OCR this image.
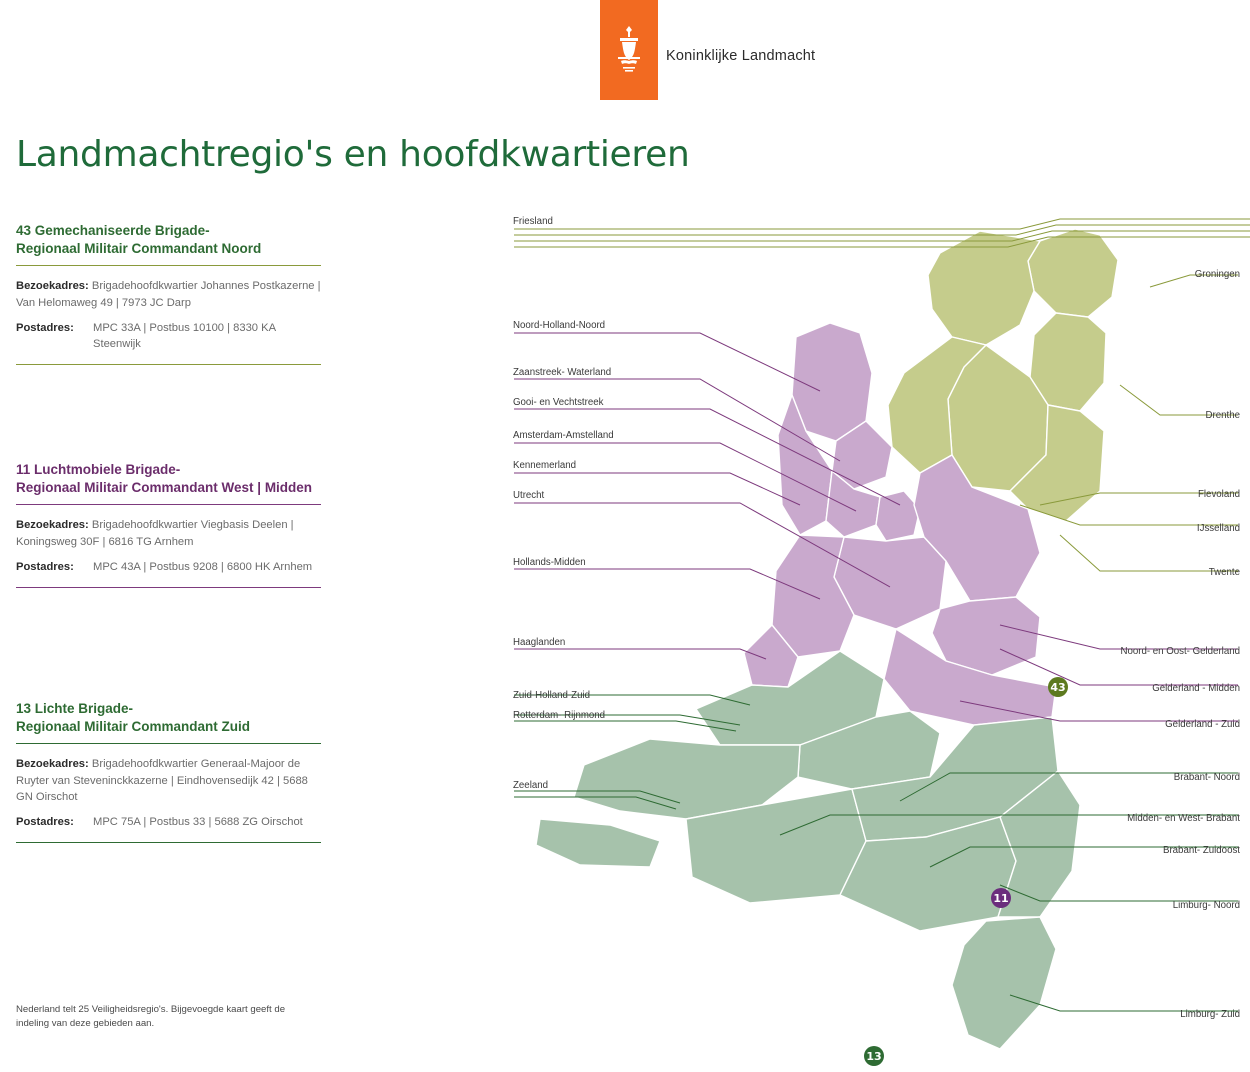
Koninklijke Landmacht
Landmachtregio's en hoofdkwartieren
43 Gemechaniseerde Brigade-
Regionaal Militair Commandant Noord
Bezoekadres: Brigadehoofdkwartier Johannes Postkazerne | Van Helomaweg 49 | 7973 JC Darp
Postadres:	MPC 33A | Postbus 10100 | 8330 KA Steenwijk
11 Luchtmobiele Brigade-
Regionaal Militair Commandant West | Midden
Bezoekadres: Brigadehoofdkwartier Viegbasis Deelen | Koningsweg 30F | 6816 TG Arnhem
Postadres:	MPC 43A | Postbus 9208 | 6800 HK Arnhem
13 Lichte Brigade-
Regionaal Militair Commandant Zuid
Bezoekadres: Brigadehoofdkwartier Generaal-Majoor de Ruyter van Steveninckkazerne | Eindhovensedijk 42 | 5688 GN Oirschot
Postadres:	MPC 75A | Postbus 33 | 5688 ZG Oirschot
Nederland telt 25 Veiligheidsregio's. Bijgevoegde kaart geeft de indeling van deze gebieden aan.
43
11
13
Friesland
Noord-Holland-Noord
Zaanstreek- Waterland
Gooi- en Vechtstreek
Amsterdam-Amstelland
Kennemerland
Utrecht
Hollands-Midden
Haaglanden
Zuid-Holland-Zuid
Rotterdam- Rijnmond
Zeeland
Groningen
Drenthe
Flevoland
IJsselland
Twente
Noord- en Oost- Gelderland
Gelderland - Midden
Gelderland - Zuid
Brabant- Noord
Midden- en West- Brabant
Brabant- Zuidoost
Limburg- Noord
Limburg- Zuid
